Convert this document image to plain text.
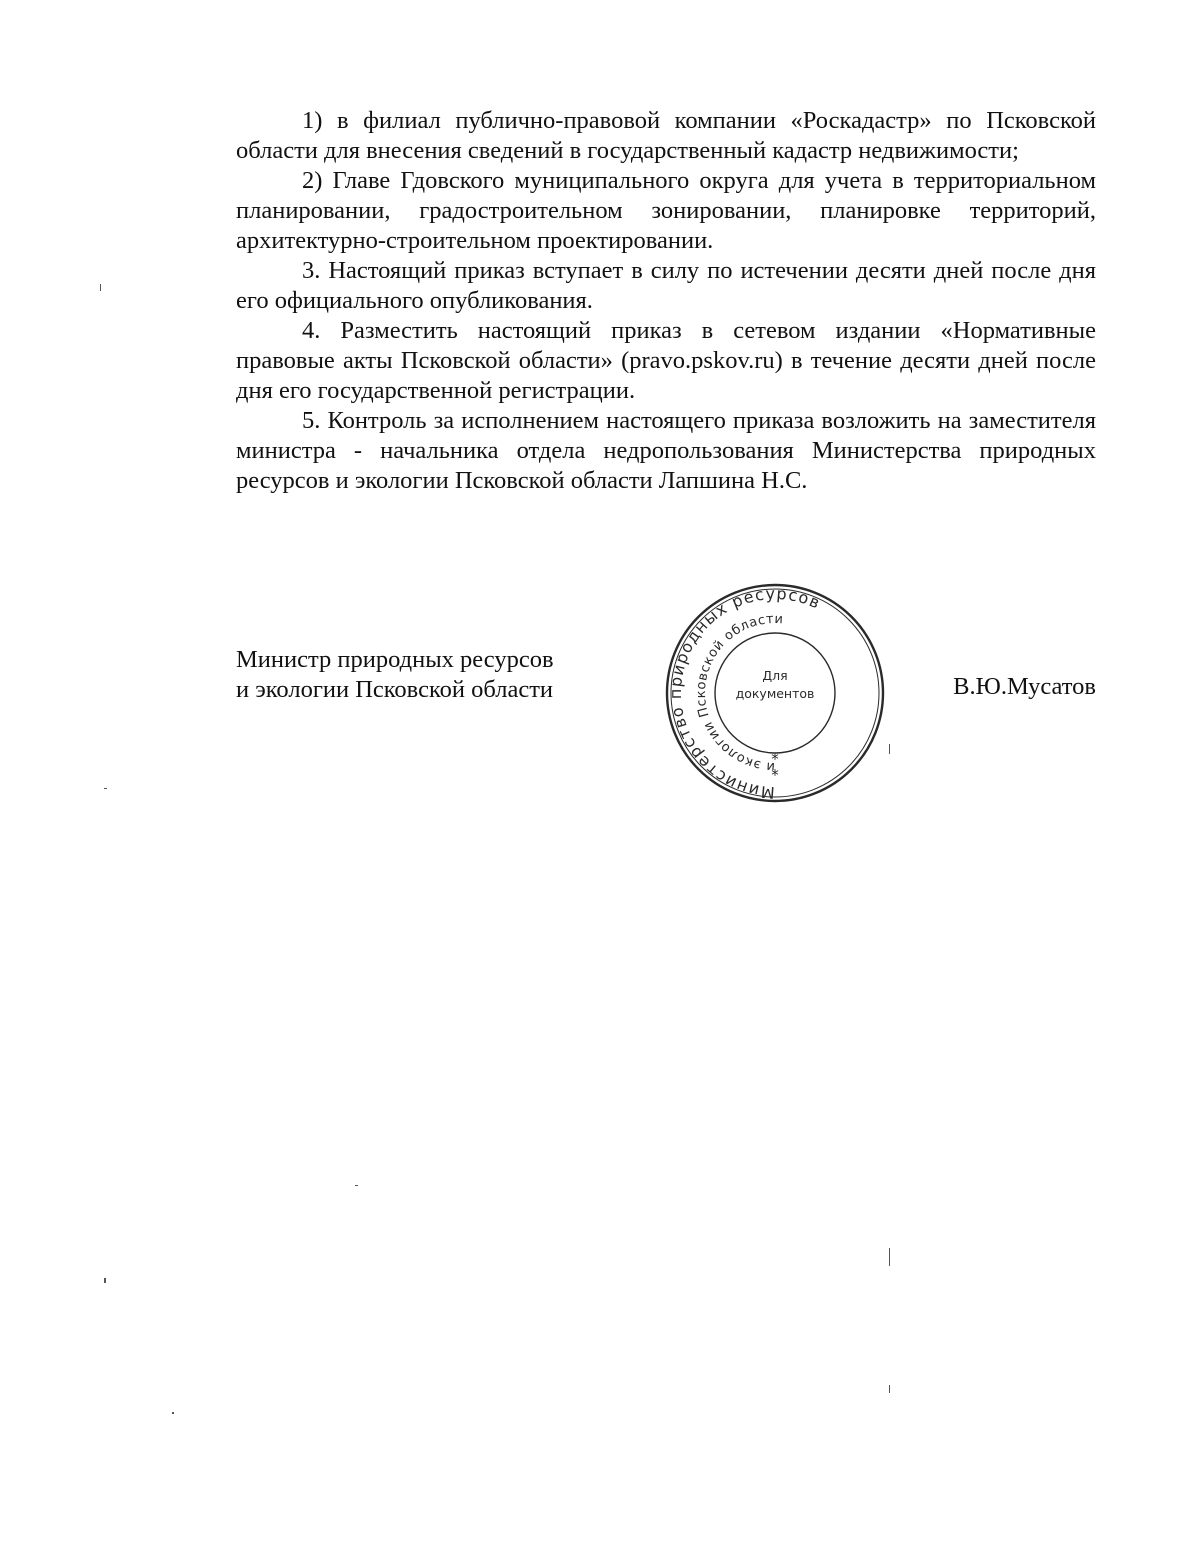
1) в филиал публично-правовой компании «Роскадастр» по Псковской области для внесения сведений в государственный кадастр недвижимости;

2) Главе Гдовского муниципального округа для учета в территориальном планировании, градостроительном зонировании, планировке территорий, архитектурно-строительном проектировании.

3. Настоящий приказ вступает в силу по истечении десяти дней после дня его официального опубликования.

4. Разместить настоящий приказ в сетевом издании «Нормативные правовые акты Псковской области» (pravo.pskov.ru) в течение десяти дней после дня его государственной регистрации.

5. Контроль за исполнением настоящего приказа возложить на заместителя министра - начальника отдела недропользования Министерства природных ресурсов и экологии Псковской области Лапшина Н.С.

Министр природных ресурсов
и экологии Псковской области
Министерство природных ресурсов
и экологии Псковской области
Для
документов
*
*
В.Ю.Мусатов
